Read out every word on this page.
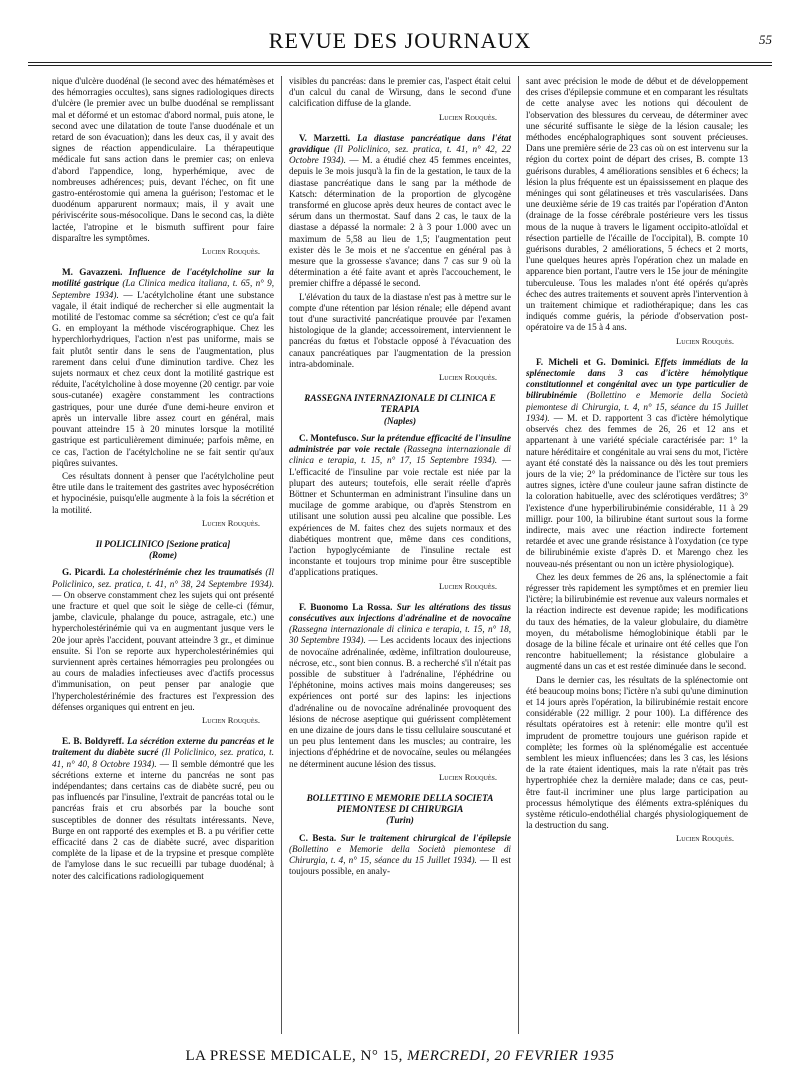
REVUE DES JOURNAUX	55

nique d'ulcère duodénal (le second avec des hématémèses et des hémorragies occultes), sans signes radiologiques directs d'ulcère (le premier avec un bulbe duodénal se remplissant mal et déformé et un estomac d'abord normal, puis atone, le second avec une dilatation de toute l'anse duodénale et un retard de son évacuation); dans les deux cas, il y avait des signes de réaction appendiculaire. La thérapeutique médicale fut sans action dans le premier cas; on enleva d'abord l'appendice, long, hyperhémique, avec de nombreuses adhérences; puis, devant l'échec, on fit une gastro-entérostomie qui amena la guérison; l'estomac et le duodénum apparurent normaux; mais, il y avait une périviscérite sous-mésocolique. Dans le second cas, la diète lactée, l'atropine et le bismuth suffirent pour faire disparaître les symptômes.

Lucien Rouquès.

M. Gavazzeni. Influence de l'acétylcholine sur la motilité gastrique (La Clinica medica italiana, t. 65, n° 9, Septembre 1934). — L'acétylcholine étant une substance vagale, il était indiqué de rechercher si elle augmentait la motilité de l'estomac comme sa sécrétion; c'est ce qu'a fait G. en employant la méthode viscérographique. Chez les hyperchlorhydriques, l'action n'est pas uniforme, mais se fait plutôt sentir dans le sens de l'augmentation, plus rarement dans celui d'une diminution tardive. Chez les sujets normaux et chez ceux dont la motilité gastrique est réduite, l'acétylcholine à dose moyenne (20 centigr. par voie sous-cutanée) exagère constamment les contractions gastriques, pour une durée d'une demi-heure environ et après un intervalle libre assez court en général, mais pouvant atteindre 15 à 20 minutes lorsque la motilité gastrique est particulièrement diminuée; parfois même, en ce cas, l'action de l'acétylcholine ne se fait sentir qu'aux piqûres suivantes.

Ces résultats donnent à penser que l'acétylcholine peut être utile dans le traitement des gastrites avec hyposécrétion et hypocinésie, puisqu'elle augmente à la fois la sécrétion et la motilité.

Lucien Rouquès.
Il POLICLINICO [Sezione pratica]
(Rome)

G. Picardi. La cholestérinémie chez les traumatisés (Il Policlinico, sez. pratica, t. 41, n° 38, 24 Septembre 1934). — On observe constamment chez les sujets qui ont présenté une fracture et quel que soit le siège de celle-ci (fémur, jambe, clavicule, phalange du pouce, astragale, etc.) une hypercholestérinémie qui va en augmentant jusque vers le 20e jour après l'accident, pouvant atteindre 3 gr., et diminue ensuite. Si l'on se reporte aux hypercholestérinémies qui surviennent après certaines hémorragies peu prolongées ou au cours de maladies infectieuses avec d'actifs processus d'immunisation, on peut penser par analogie que l'hypercholestérinémie des fractures est l'expression des défenses organiques qui entrent en jeu.

Lucien Rouquès.

E. B. Boldyreff. La sécrétion externe du pancréas et le traitement du diabète sucré (Il Policlinico, sez. pratica, t. 41, n° 40, 8 Octobre 1934). — Il semble démontré que les sécrétions externe et interne du pancréas ne sont pas indépendantes; dans certains cas de diabète sucré, peu ou pas influencés par l'insuline, l'extrait de pancréas total ou le pancréas frais et cru absorbés par la bouche sont susceptibles de donner des résultats intéressants. Neve, Burge en ont rapporté des exemples et B. a pu vérifier cette efficacité dans 2 cas de diabète sucré, avec disparition complète de la lipase et de la trypsine et presque complète de l'amylose dans le suc recueilli par tubage duodénal; à noter des calcifications radiologiquement

visibles du pancréas: dans le premier cas, l'aspect était celui d'un calcul du canal de Wirsung, dans le second d'une calcification diffuse de la glande.

Lucien Rouquès.

V. Marzetti. La diastase pancréatique dans l'état gravidique (Il Policlinico, sez. pratica, t. 41, n° 42, 22 Octobre 1934). — M. a étudié chez 45 femmes enceintes, depuis le 3e mois jusqu'à la fin de la gestation, le taux de la diastase pancréatique dans le sang par la méthode de Katsch: détermination de la proportion de glycogène transformé en glucose après deux heures de contact avec le sérum dans un thermostat. Sauf dans 2 cas, le taux de la diastase a dépassé la normale: 2 à 3 pour 1.000 avec un maximum de 5,58 au lieu de 1,5; l'augmentation peut exister dès le 3e mois et ne s'accentue en général pas à mesure que la grossesse s'avance; dans 7 cas sur 9 où la détermination a été faite avant et après l'accouchement, le premier chiffre a dépassé le second.

L'élévation du taux de la diastase n'est pas à mettre sur le compte d'une rétention par lésion rénale; elle dépend avant tout d'une suractivité pancréatique prouvée par l'examen histologique de la glande; accessoirement, interviennent le pancréas du fœtus et l'obstacle opposé à l'évacuation des canaux pancréatiques par l'augmentation de la pression intra-abdominale.

Lucien Rouquès.
RASSEGNA INTERNAZIONALE DI CLINICA E TERAPIA
(Naples)

C. Montefusco. Sur la prétendue efficacité de l'insuline administrée par voie rectale (Rassegna internazionale di clinica e terapia, t. 15, n° 17, 15 Septembre 1934). — L'efficacité de l'insuline par voie rectale est niée par la plupart des auteurs; toutefois, elle serait réelle d'après Böttner et Schunterman en administrant l'insuline dans un mucilage de gomme arabique, ou d'après Stenstrom en utilisant une solution aussi peu alcaline que possible. Les expériences de M. faites chez des sujets normaux et des diabétiques montrent que, même dans ces conditions, l'action hypoglycémiante de l'insuline rectale est inconstante et toujours trop minime pour être susceptible d'applications pratiques.

Lucien Rouquès.

F. Buonomo La Rossa. Sur les altérations des tissus consécutives aux injections d'adrénaline et de novocaïne (Rassegna internazionale di clinica e terapia, t. 15, n° 18, 30 Septembre 1934). — Les accidents locaux des injections de novocaïne adrénalinée, œdème, infiltration douloureuse, nécrose, etc., sont bien connus. B. a recherché s'il n'était pas possible de substituer à l'adrénaline, l'éphédrine ou l'éphétonine, moins actives mais moins dangereuses; ses expériences ont porté sur des lapins: les injections d'adrénaline ou de novocaïne adrénalinée provoquent des lésions de nécrose aseptique qui guérissent complètement en une dizaine de jours dans le tissu cellulaire souscutané et un peu plus lentement dans les muscles; au contraire, les injections d'éphédrine et de novocaïne, seules ou mélangées ne déterminent aucune lésion des tissus.

Lucien Rouquès.
BOLLETTINO E MEMORIE DELLA SOCIETA PIEMONTESE DI CHIRURGIA
(Turin)

C. Besta. Sur le traitement chirurgical de l'épilepsie (Bollettino e Memorie della Società piemontese di Chirurgia, t. 4, n° 15, séance du 15 Juillet 1934). — Il est toujours possible, en analy-

sant avec précision le mode de début et de développement des crises d'épilepsie commune et en comparant les résultats de cette analyse avec les notions qui découlent de l'observation des blessures du cerveau, de déterminer avec une sécurité suffisante le siège de la lésion causale; les méthodes encéphalographiques sont souvent précieuses. Dans une première série de 23 cas où on est intervenu sur la région du cortex point de départ des crises, B. compte 13 guérisons durables, 4 améliorations sensibles et 6 échecs; la lésion la plus fréquente est un épaississement en plaque des méninges qui sont gélatineuses et très vascularisées. Dans une deuxième série de 19 cas traités par l'opération d'Anton (drainage de la fosse cérébrale postérieure vers les tissus mous de la nuque à travers le ligament occipito-atloïdal et résection partielle de l'écaille de l'occipital), B. compte 10 guérisons durables, 2 améliorations, 5 échecs et 2 morts, l'une quelques heures après l'opération chez un malade en apparence bien portant, l'autre vers le 15e jour de méningite tuberculeuse. Tous les malades n'ont été opérés qu'après échec des autres traitements et souvent après l'intervention à un traitement chimique et radiothérapique; dans les cas indiqués comme guéris, la période d'observation post-opératoire va de 15 à 4 ans.

Lucien Rouquès.

F. Micheli et G. Dominici. Effets immédiats de la splénectomie dans 3 cas d'ictère hémolytique constitutionnel et congénital avec un type particulier de bilirubinémie (Bollettino e Memorie della Società piemontese di Chirurgia, t. 4, n° 15, séance du 15 Juillet 1934). — M. et D. rapportent 3 cas d'ictère hémolytique observés chez des femmes de 26, 26 et 12 ans et appartenant à une variété spéciale caractérisée par: 1° la nature héréditaire et congénitale au vrai sens du mot, l'ictère ayant été constaté dès la naissance ou dès les tout premiers jours de la vie; 2° la prédominance de l'ictère sur tous les autres signes, ictère d'une couleur jaune safran distincte de la coloration habituelle, avec des sclérotiques verdâtres; 3° l'existence d'une hyperbilirubinémie considérable, 11 à 29 milligr. pour 100, la bilirubine étant surtout sous la forme indirecte, mais avec une réaction indirecte fortement retardée et avec une grande résistance à l'oxydation (ce type de bilirubinémie existe d'après D. et Marengo chez les nouveau-nés présentant ou non un ictère physiologique).

Chez les deux femmes de 26 ans, la splénectomie a fait régresser très rapidement les symptômes et en premier lieu l'ictère; la bilirubinémie est revenue aux valeurs normales et la réaction indirecte est devenue rapide; les modifications du taux des hématies, de la valeur globulaire, du diamètre moyen, du métabolisme hémoglobinique établi par le dosage de la biline fécale et urinaire ont été celles que l'on rencontre habituellement; la résistance globulaire a augmenté dans un cas et est restée diminuée dans le second.

Dans le dernier cas, les résultats de la splénectomie ont été beaucoup moins bons; l'ictère n'a subi qu'une diminution et 14 jours après l'opération, la bilirubinémie restait encore considérable (22 milligr. 2 pour 100). La différence des résultats opératoires est à retenir: elle montre qu'il est imprudent de promettre toujours une guérison rapide et complète; les formes où la splénomégalie est accentuée semblent les mieux influencées; dans les 3 cas, les lésions de la rate étaient identiques, mais la rate n'était pas très hypertrophiée chez la dernière malade; dans ce cas, peut-être faut-il incriminer une plus large participation au processus hémolytique des éléments extra-spléniques du système réticulo-endothélial chargés physiologiquement de la destruction du sang.

Lucien Rouquès.
LA PRESSE MEDICALE, N° 15, MERCREDI, 20 FEVRIER 1935
